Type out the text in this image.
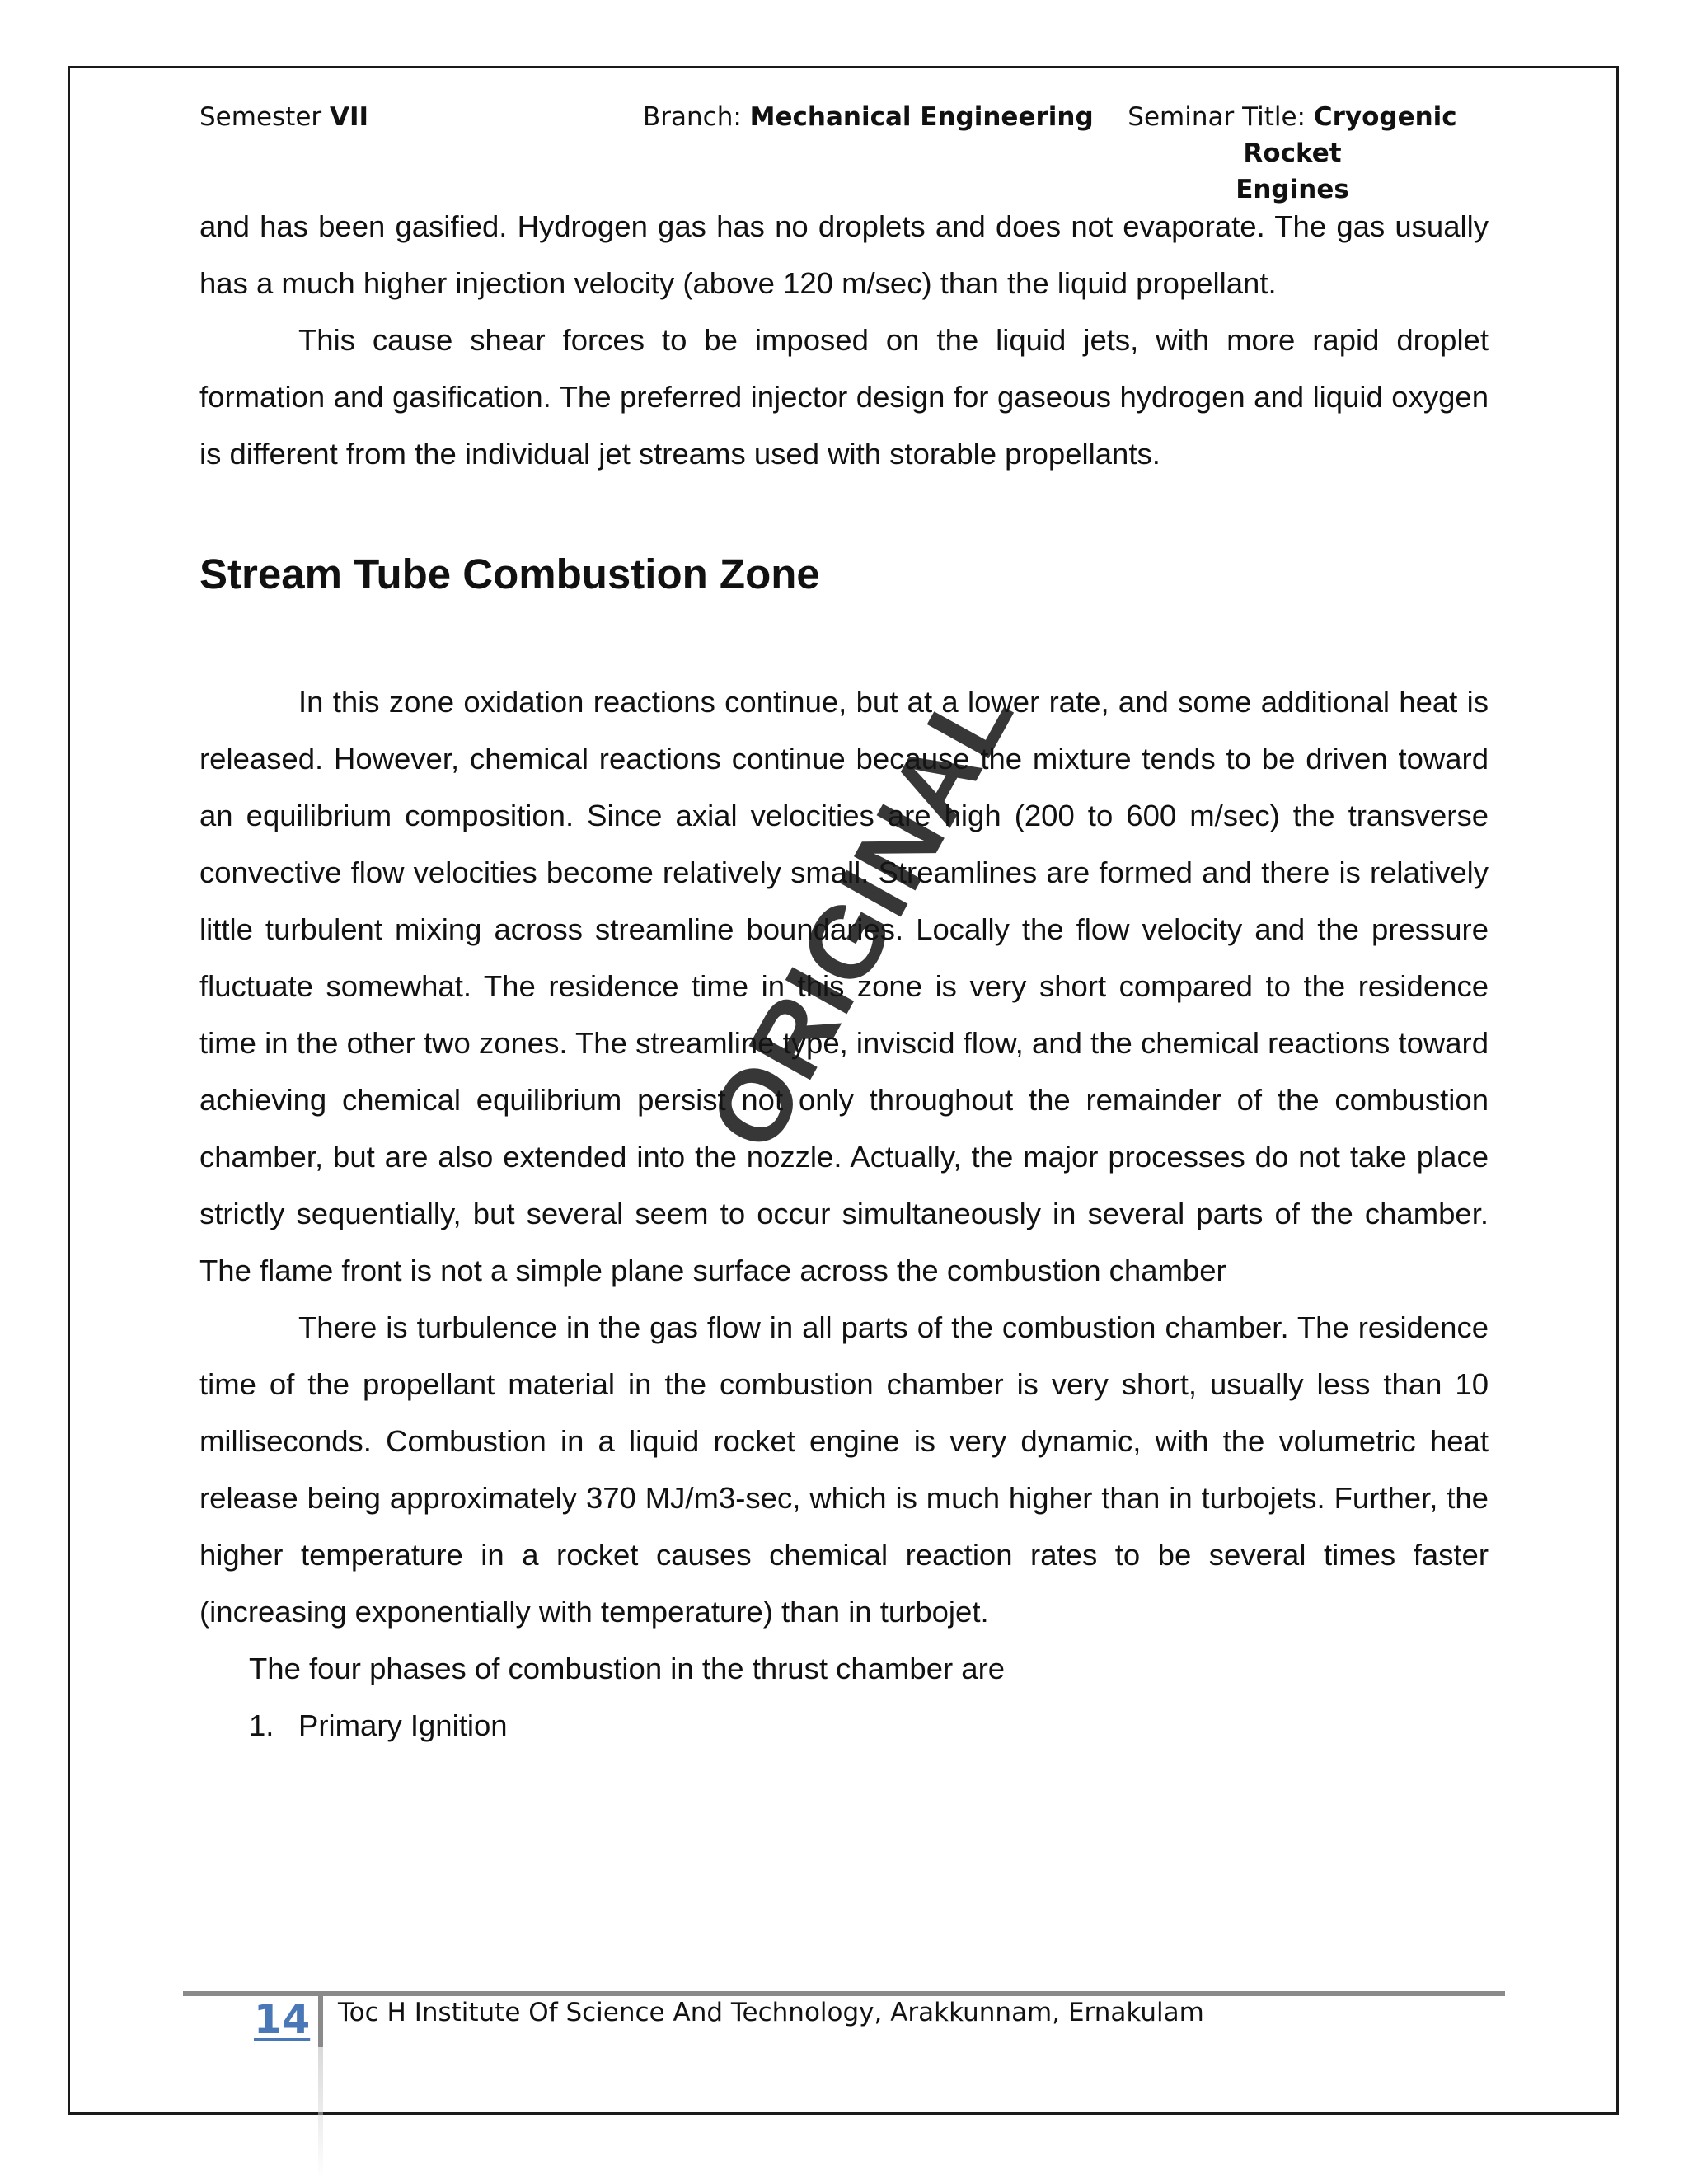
Semester VII	Branch: Mechanical Engineering	Seminar Title: Cryogenic Rocket
Engines

and has been gasified. Hydrogen gas has no droplets and does not evaporate. The gas usually has a much higher injection velocity (above 120 m/sec) than the liquid propellant.

This cause shear forces to be imposed on the liquid jets, with more rapid droplet formation and gasification. The preferred injector design for gaseous hydrogen and liquid oxygen is different from the individual jet streams used with storable propellants.

Stream Tube Combustion Zone

In this zone oxidation reactions continue, but at a lower rate, and some additional heat is released. However, chemical reactions continue because the mixture tends to be driven toward an equilibrium composition. Since axial velocities are high (200 to 600 m/sec) the transverse convective flow velocities become relatively small. Streamlines are formed and there is relatively little turbulent mixing across streamline boundaries. Locally the flow velocity and the pressure fluctuate somewhat. The residence time in this zone is very short compared to the residence time in the other two zones. The streamline type, inviscid flow, and the chemical reactions toward achieving chemical equilibrium persist not only throughout the remainder of the combustion chamber, but are also extended into the nozzle. Actually, the major processes do not take place strictly sequentially, but several seem to occur simultaneously in several parts of the chamber. The flame front is not a simple plane surface across the combustion chamber

There is turbulence in the gas flow in all parts of the combustion chamber. The residence time of the propellant material in the combustion chamber is very short, usually less than 10 milliseconds. Combustion in a liquid rocket engine is very dynamic, with the volumetric heat release being approximately 370 MJ/m3-sec, which is much higher than in turbojets. Further, the higher temperature in a rocket causes chemical reaction rates to be several times faster (increasing exponentially with temperature) than in turbojet.

The four phases of combustion in the thrust chamber are

1. Primary Ignition
ORIGINAL
14 Toc H Institute Of Science And Technology, Arakkunnam, Ernakulam
